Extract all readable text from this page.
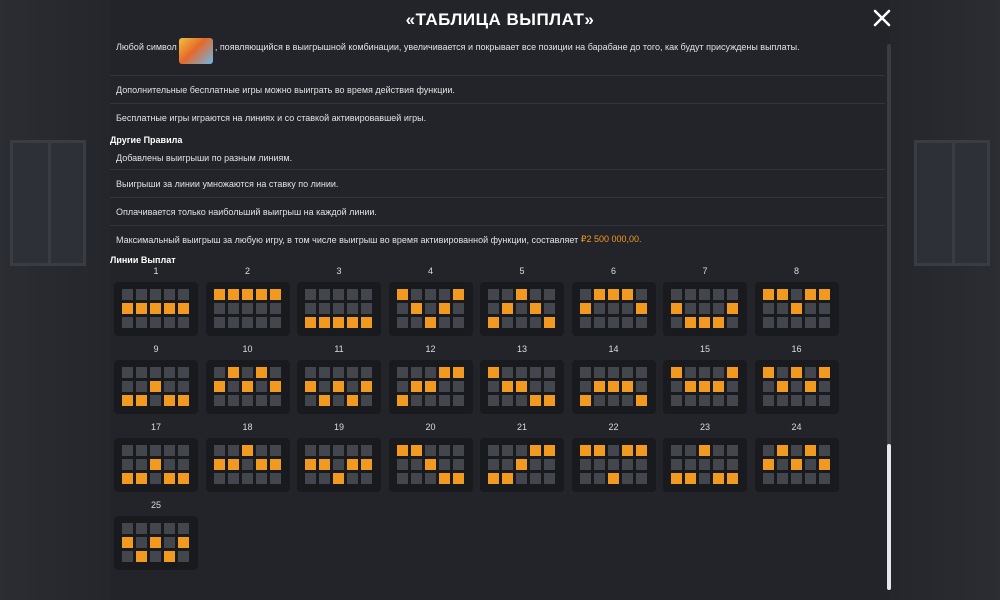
«ТАБЛИЦА ВЫПЛАТ»
Любой символ	, появляющийся в выигрышной комбинации, увеличивается и покрывает все позиции на барабане до того, как будут присуждены выплаты.
Дополнительные бесплатные игры можно выиграть во время действия функции.
Бесплатные игры играются на линиях и со ставкой активировавшей игры.
Другие Правила
Добавлены выигрыши по разным линиям.
Выигрыши за линии умножаются на ставку по линии.
Оплачивается только наибольший выигрыш на каждой линии.
Максимальный выигрыш за любую игру, в том числе выигрыш во время активированной функции, составляет
₽2 500 000,00.
Линии Выплат
1	2	3	4	5	6	7	8
9	10	11	12	13	14	15	16
17	18	19	20	21	22	23	24
25
